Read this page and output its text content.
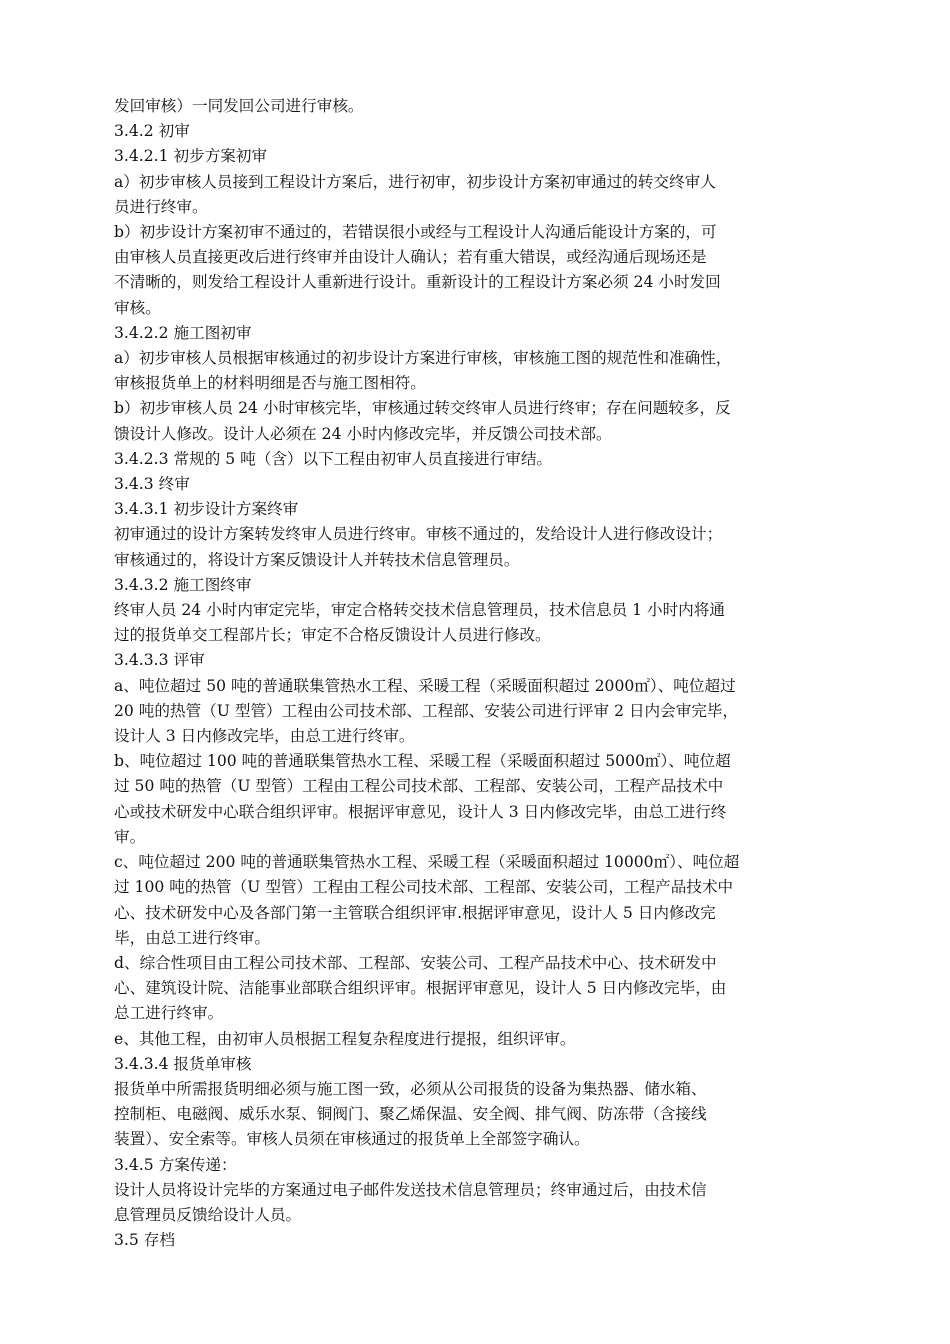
发回审核）一同发回公司进行审核。
3.4.2 初审
3.4.2.1 初步方案初审
a）初步审核人员接到工程设计方案后，进行初审，初步设计方案初审通过的转交终审人
员进行终审。
b）初步设计方案初审不通过的，若错误很小或经与工程设计人沟通后能设计方案的，可
由审核人员直接更改后进行终审并由设计人确认；若有重大错误，或经沟通后现场还是
不清晰的，则发给工程设计人重新进行设计。重新设计的工程设计方案必须 24 小时发回
审核。
3.4.2.2 施工图初审
a）初步审核人员根据审核通过的初步设计方案进行审核，审核施工图的规范性和准确性，
审核报货单上的材料明细是否与施工图相符。
b）初步审核人员 24 小时审核完毕，审核通过转交终审人员进行终审；存在问题较多，反
馈设计人修改。设计人必须在 24 小时内修改完毕，并反馈公司技术部。
3.4.2.3 常规的 5 吨（含）以下工程由初审人员直接进行审结。
3.4.3 终审
3.4.3.1 初步设计方案终审
初审通过的设计方案转发终审人员进行终审。审核不通过的，发给设计人进行修改设计；
审核通过的，将设计方案反馈设计人并转技术信息管理员。
3.4.3.2 施工图终审
终审人员 24 小时内审定完毕，审定合格转交技术信息管理员，技术信息员 1 小时内将通
过的报货单交工程部片长；审定不合格反馈设计人员进行修改。
3.4.3.3 评审
a、吨位超过 50 吨的普通联集管热水工程、采暖工程（采暖面积超过 2000㎡）、吨位超过
20 吨的热管（U 型管）工程由公司技术部、工程部、安装公司进行评审 2 日内会审完毕，
设计人 3 日内修改完毕，由总工进行终审。
b、吨位超过 100 吨的普通联集管热水工程、采暖工程（采暖面积超过 5000㎡）、吨位超
过 50 吨的热管（U 型管）工程由工程公司技术部、工程部、安装公司，工程产品技术中
心或技术研发中心联合组织评审。根据评审意见，设计人 3 日内修改完毕，由总工进行终
审。
c、吨位超过 200 吨的普通联集管热水工程、采暖工程（采暖面积超过 10000㎡）、吨位超
过 100 吨的热管（U 型管）工程由工程公司技术部、工程部、安装公司，工程产品技术中
心、技术研发中心及各部门第一主管联合组织评审.根据评审意见，设计人 5 日内修改完
毕，由总工进行终审。
d、综合性项目由工程公司技术部、工程部、安装公司、工程产品技术中心、技术研发中
心、建筑设计院、洁能事业部联合组织评审。根据评审意见，设计人 5 日内修改完毕，由
总工进行终审。
e、其他工程，由初审人员根据工程复杂程度进行提报，组织评审。
3.4.3.4 报货单审核
报货单中所需报货明细必须与施工图一致，必须从公司报货的设备为集热器、储水箱、
控制柜、电磁阀、威乐水泵、铜阀门、聚乙烯保温、安全阀、排气阀、防冻带（含接线
装置）、安全索等。审核人员须在审核通过的报货单上全部签字确认。
3.4.5 方案传递：
设计人员将设计完毕的方案通过电子邮件发送技术信息管理员；终审通过后，由技术信
息管理员反馈给设计人员。
3.5 存档
